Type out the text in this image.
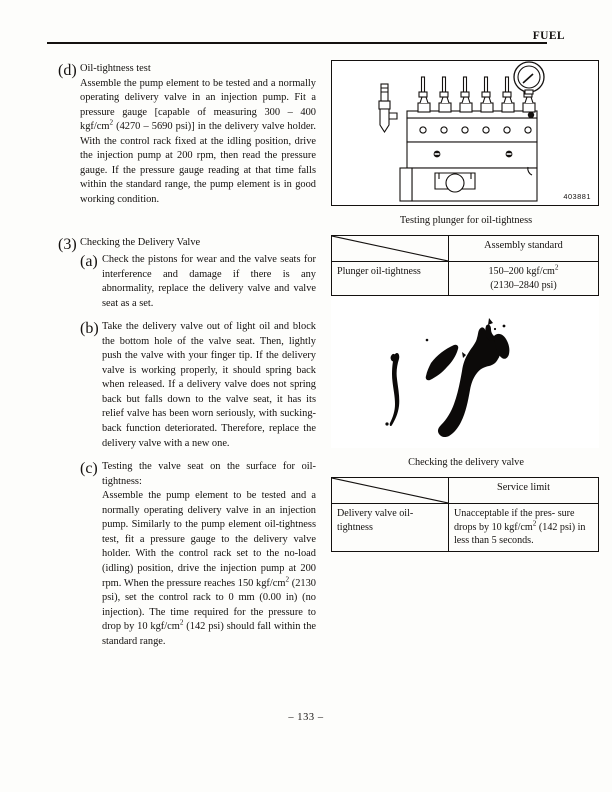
FUEL
(d) Oil-tightness test

Assemble the pump element to be tested and a normally operating delivery valve in an injection pump. Fit a pressure gauge [capable of measuring 300 – 400 kgf/$cm^2$ (4270 – 5690 psi)] in the delivery valve holder. With the control rack fixed at the idling position, drive the injection pump at 200 rpm, then read the pressure gauge. If the pressure gauge reading at that time falls within the standard range, the pump element is in good working condition.

(3) Checking the Delivery Valve

(a) Check the pistons for wear and the valve seats for interference and damage if there is any abnormality, replace the delivery valve and valve seat as a set.

(b) Take the delivery valve out of light oil and block the bottom hole of the valve seat. Then, lightly push the valve with your finger tip. If the delivery valve is working properly, it should spring back when released. If a delivery valve does not spring back but falls down to the valve seat, it has its relief valve has been worn seriously, with sucking-back function deteriorated. Therefore, replace the delivery valve with a new one.

(c) Testing the valve seat on the surface for oil-tightness:

Assemble the pump element to be tested and a normally operating delivery valve in an injection pump. Similarly to the pump element oil-tightness test, fit a pressure gauge to the delivery valve holder. With the control rack set to the no-load (idling) position, drive the injection pump at 200 rpm. When the pressure reaches 150 kgf/$cm^2$ (2130 psi), set the control rack to 0 mm (0.00 in) (no injection). The time required for the pressure to drop by 10 kgf/$cm^2$ (142 psi) should fall within the standard range.

403881
Testing plunger for oil-tightness
	Assembly standard
Plunger oil-tightness	150–200 kgf/$cm^2$
(2130–2840 psi)
Checking the delivery valve
	Service limit
Delivery valve oil-tightness	Unacceptable if the pres- sure drops by 10 kgf/$cm^2$ (142 psi) in less than 5 seconds.
– 133 –
